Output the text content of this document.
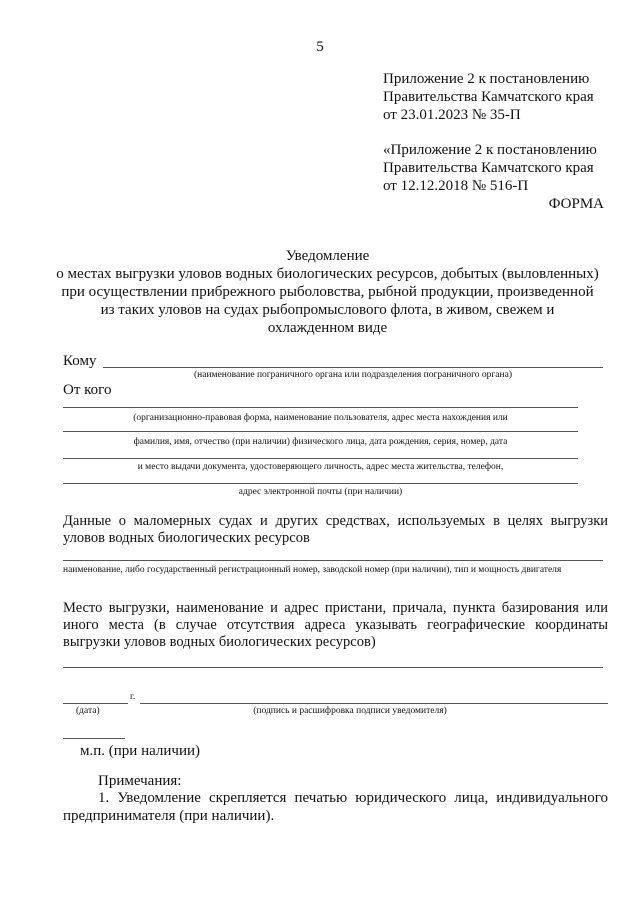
5
Приложение 2 к постановлению
Правительства Камчатского края
от 23.01.2023 № 35-П
«Приложение 2 к постановлению
Правительства Камчатского края
от 12.12.2018 № 516-П
ФОРМА
Уведомление
о местах выгрузки уловов водных биологических ресурсов, добытых (выловленных)
при осуществлении прибрежного рыболовства, рыбной продукции, произведенной
из таких уловов на судах рыбопромыслового флота, в живом, свежем и
охлажденном виде
Кому
(наименование пограничного органа или подразделения пограничного органа)
От кого
(организационно-правовая форма, наименование пользователя, адрес места нахождения или
фамилия, имя, отчество (при наличии) физического лица, дата рождения, серия, номер, дата
и место выдачи документа, удостоверяющего личность, адрес места жительства, телефон,
адрес электронной почты (при наличии)
Данные о маломерных судах и других средствах, используемых в целях выгрузки уловов водных биологических ресурсов
наименование, либо государственный регистрационный номер, заводской номер (при наличии), тип и мощность двигателя
Место выгрузки, наименование и адрес пристани, причала, пункта базирования или иного места (в случае отсутствия адреса указывать географические координаты выгрузки уловов водных биологических ресурсов)
г.
(дата)	(подпись и расшифровка подписи уведомителя)
м.п. (при наличии)
Примечания:
1. Уведомление скрепляется печатью юридического лица, индивидуального предпринимателя (при наличии).
